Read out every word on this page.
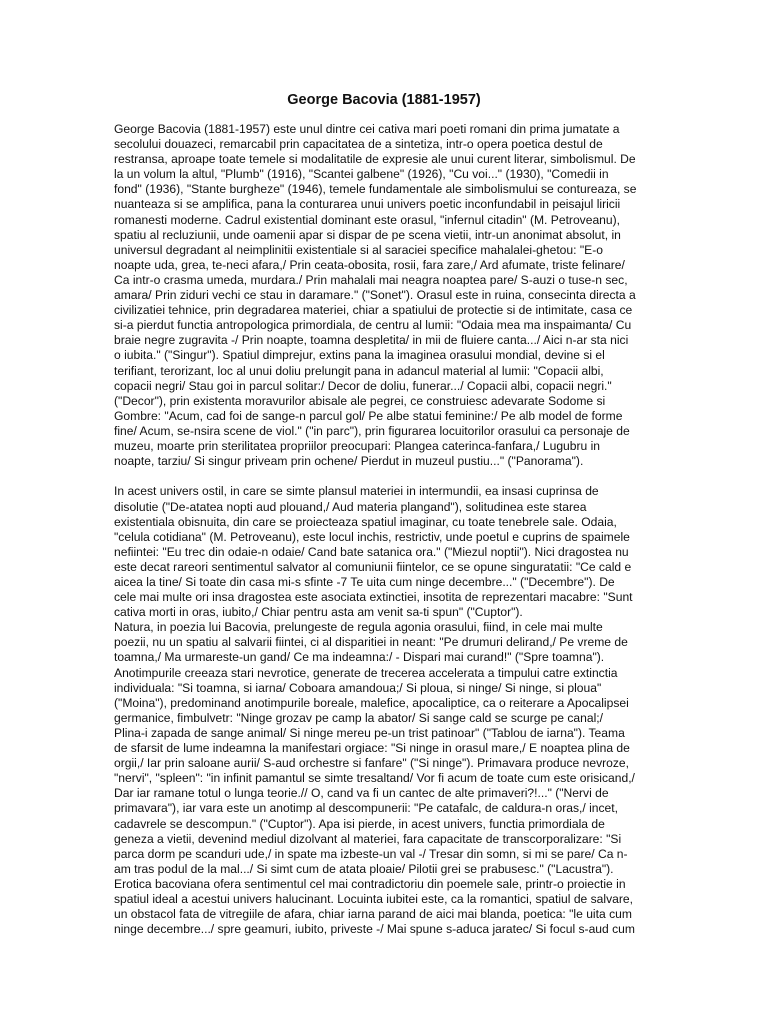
George Bacovia (1881-1957)
George Bacovia (1881-1957) este unul dintre cei cativa mari poeti romani din prima jumatate a
secolului douazeci, remarcabil prin capacitatea de a sintetiza, intr-o opera poetica destul de
restransa, aproape toate temele si modalitatile de expresie ale unui curent literar, simbolismul. De
la un volum la altul, "Plumb" (1916), "Scantei galbene" (1926), "Cu voi..." (1930), "Comedii in
fond" (1936), "Stante burgheze" (1946), temele fundamentale ale simbolismului se contureaza, se
nuanteaza si se amplifica, pana la conturarea unui univers poetic inconfundabil in peisajul liricii
romanesti moderne. Cadrul existential dominant este orasul, "infernul citadin" (M. Petroveanu),
spatiu al recluziunii, unde oamenii apar si dispar de pe scena vietii, intr-un anonimat absolut, in
universul degradant al neimplinitii existentiale si al saraciei specifice mahalalei-ghetou: "E-o
noapte uda, grea, te-neci afara,/ Prin ceata-obosita, rosii, fara zare,/ Ard afumate, triste felinare/
Ca intr-o crasma umeda, murdara./ Prin mahalali mai neagra noaptea pare/ S-auzi o tuse-n sec,
amara/ Prin ziduri vechi ce stau in daramare." ("Sonet"). Orasul este in ruina, consecinta directa a
civilizatiei tehnice, prin degradarea materiei, chiar a spatiului de protectie si de intimitate, casa ce
si-a pierdut functia antropologica primordiala, de centru al lumii: "Odaia mea ma inspaimanta/ Cu
braie negre zugravita -/ Prin noapte, toamna despletita/ in mii de fluiere canta.../ Aici n-ar sta nici
o iubita." ("Singur"). Spatiul dimprejur, extins pana la imaginea orasului mondial, devine si el
terifiant, terorizant, loc al unui doliu prelungit pana in adancul material al lumii: "Copacii albi,
copacii negri/ Stau goi in parcul solitar:/ Decor de doliu, funerar.../ Copacii albi, copacii negri."
("Decor"), prin existenta moravurilor abisale ale pegrei, ce construiesc adevarate Sodome si
Gombre: "Acum, cad foi de sange-n parcul gol/ Pe albe statui feminine:/ Pe alb model de forme
fine/ Acum, se-nsira scene de viol." ("in parc"), prin figurarea locuitorilor orasului ca personaje de
muzeu, moarte prin sterilitatea propriilor preocupari: Plangea caterinca-fanfara,/ Lugubru in
noapte, tarziu/ Si singur priveam prin ochene/ Pierdut in muzeul pustiu..." ("Panorama").
In acest univers ostil, in care se simte plansul materiei in intermundii, ea insasi cuprinsa de
disolutie ("De-atatea nopti aud plouand,/ Aud materia plangand"), solitudinea este starea
existentiala obisnuita, din care se proiecteaza spatiul imaginar, cu toate tenebrele sale. Odaia,
"celula cotidiana" (M. Petroveanu), este locul inchis, restrictiv, unde poetul e cuprins de spaimele
nefiintei: "Eu trec din odaie-n odaie/ Cand bate satanica ora." ("Miezul noptii"). Nici dragostea nu
este decat rareori sentimentul salvator al comuniunii fiintelor, ce se opune singuratatii: "Ce cald e
aicea la tine/ Si toate din casa mi-s sfinte -7 Te uita cum ninge decembre..." ("Decembre"). De
cele mai multe ori insa dragostea este asociata extinctiei, insotita de reprezentari macabre: "Sunt
cativa morti in oras, iubito,/ Chiar pentru asta am venit sa-ti spun" ("Cuptor").
Natura, in poezia lui Bacovia, prelungeste de regula agonia orasului, fiind, in cele mai multe
poezii, nu un spatiu al salvarii fiintei, ci al disparitiei in neant: "Pe drumuri delirand,/ Pe vreme de
toamna,/ Ma urmareste-un gand/ Ce ma indeamna:/ - Dispari mai curand!" ("Spre toamna").
Anotimpurile creeaza stari nevrotice, generate de trecerea accelerata a timpului catre extinctia
individuala: "Si toamna, si iarna/ Coboara amandoua;/ Si ploua, si ninge/ Si ninge, si ploua"
("Moina"), predominand anotimpurile boreale, malefice, apocaliptice, ca o reiterare a Apocalipsei
germanice, fimbulvetr: "Ninge grozav pe camp la abator/ Si sange cald se scurge pe canal;/
Plina-i zapada de sange animal/ Si ninge mereu pe-un trist patinoar" ("Tablou de iarna"). Teama
de sfarsit de lume indeamna la manifestari orgiace: "Si ninge in orasul mare,/ E noaptea plina de
orgii,/ Iar prin saloane aurii/ S-aud orchestre si fanfare" ("Si ninge"). Primavara produce nevroze,
"nervi", "spleen": "in infinit pamantul se simte tresaltand/ Vor fi acum de toate cum este orisicand,/
Dar iar ramane totul o lunga teorie.// O, cand va fi un cantec de alte primaveri?!..." ("Nervi de
primavara"), iar vara este un anotimp al descompunerii: "Pe catafalc, de caldura-n oras,/ incet,
cadavrele se descompun." ("Cuptor"). Apa isi pierde, in acest univers, functia primordiala de
geneza a vietii, devenind mediul dizolvant al materiei, fara capacitate de transcorporalizare: "Si
parca dorm pe scanduri ude,/ in spate ma izbeste-un val -/ Tresar din somn, si mi se pare/ Ca n-
am tras podul de la mal.../ Si simt cum de atata ploaie/ Pilotii grei se prabusesc." ("Lacustra").
Erotica bacoviana ofera sentimentul cel mai contradictoriu din poemele sale, printr-o proiectie in
spatiul ideal a acestui univers halucinant. Locuinta iubitei este, ca la romantici, spatiul de salvare,
un obstacol fata de vitregiile de afara, chiar iarna parand de aici mai blanda, poetica: "le uita cum
ninge decembre.../ spre geamuri, iubito, priveste -/ Mai spune s-aduca jaratec/ Si focul s-aud cum
